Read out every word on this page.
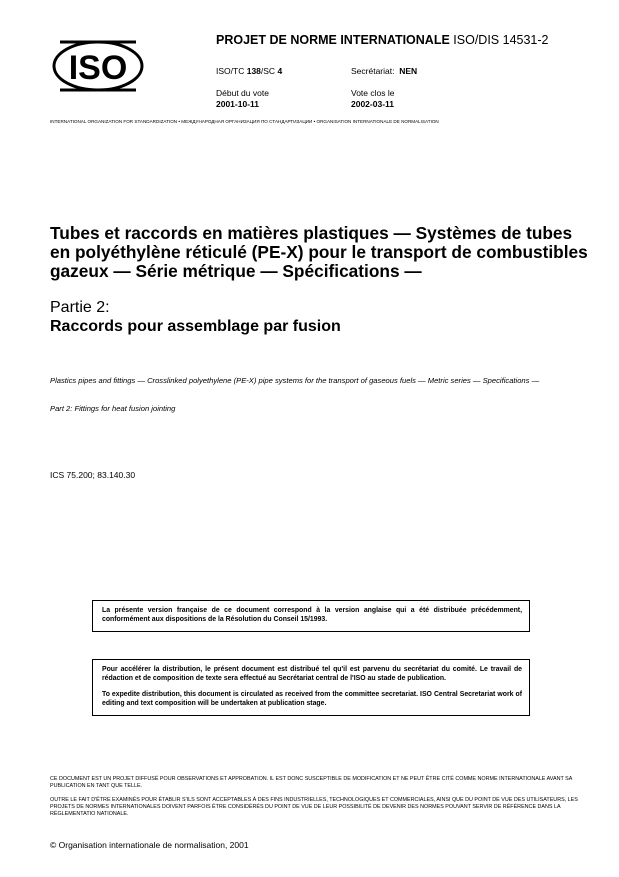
ISO
PROJET DE NORME INTERNATIONALE ISO/DIS 14531-2
ISO/TC 138/SC 4	Secrétariat: NEN
Début du vote
2001-10-11
Vote clos le
2002-03-11
INTERNATIONAL ORGANIZATION FOR STANDARDIZATION • МЕЖДУНАРОДНАЯ ОРГАНИЗАЦИЯ ПО СТАНДАРТИЗАЦИИ • ORGANISATION INTERNATIONALE DE NORMALISATION
Tubes et raccords en matières plastiques — Systèmes de tubes en polyéthylène réticulé (PE-X) pour le transport de combustibles gazeux — Série métrique — Spécifications —
Partie 2:
Raccords pour assemblage par fusion
Plastics pipes and fittings — Crosslinked polyethylene (PE-X) pipe systems for the transport of gaseous fuels — Metric series — Specifications —
Part 2: Fittings for heat fusion jointing
ICS 75.200; 83.140.30

La présente version française de ce document correspond à la version anglaise qui a été distribuée précédemment, conformément aux dispositions de la Résolution du Conseil 15/1993.

Pour accélérer la distribution, le présent document est distribué tel qu'il est parvenu du secrétariat du comité. Le travail de rédaction et de composition de texte sera effectué au Secrétariat central de l'ISO au stade de publication.

To expedite distribution, this document is circulated as received from the committee secretariat. ISO Central Secretariat work of editing and text composition will be undertaken at publication stage.

CE DOCUMENT EST UN PROJET DIFFUSÉ POUR OBSERVATIONS ET APPROBATION. IL EST DONC SUSCEPTIBLE DE MODIFICATION ET NE PEUT ÊTRE CITÉ COMME NORME INTERNATIONALE AVANT SA PUBLICATION EN TANT QUE TELLE.
OUTRE LE FAIT D'ÊTRE EXAMINÉS POUR ÉTABLIR S'ILS SONT ACCEPTABLES À DES FINS INDUSTRIELLES, TECHNOLOGIQUES ET COMMERCIALES, AINSI QUE DU POINT DE VUE DES UTILISATEURS, LES PROJETS DE NORMES INTERNATIONALES DOIVENT PARFOIS ÊTRE CONSIDÉRÉS DU POINT DE VUE DE LEUR POSSIBILITÉ DE DEVENIR DES NORMES POUVANT SERVIR DE RÉFÉRENCE DANS LA RÉGLEMENTATIO NATIONALE.
© Organisation internationale de normalisation, 2001
